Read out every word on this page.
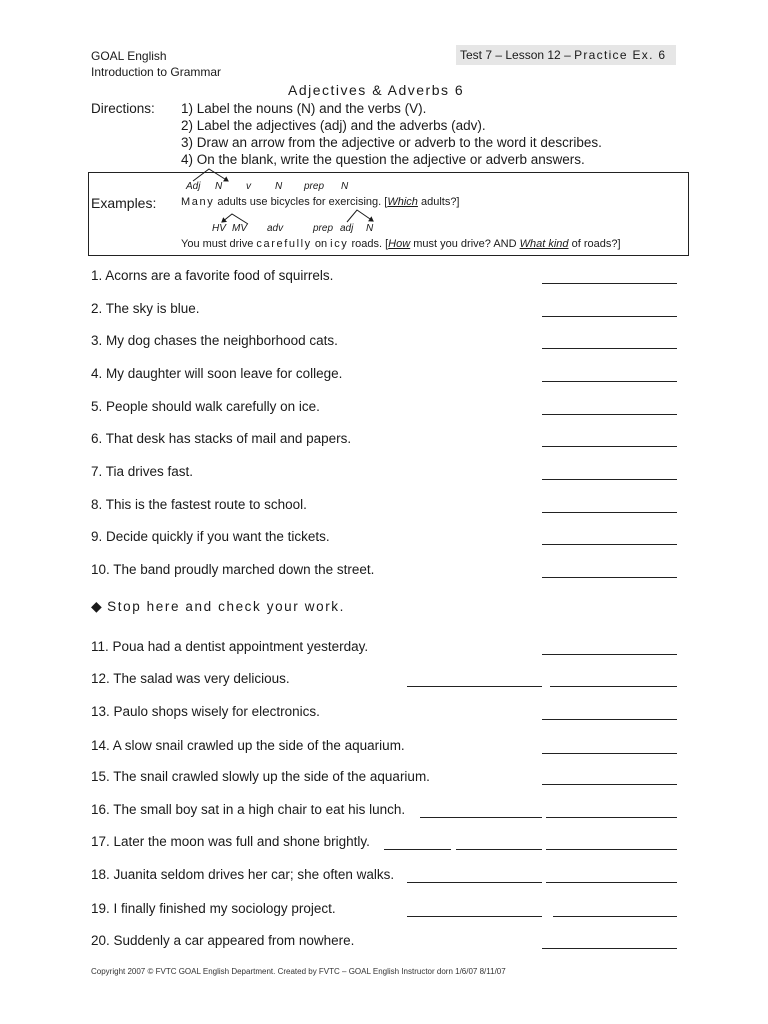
GOAL English
Introduction to Grammar
Test 7 – Lesson 12 – Practice Ex. 6
Adjectives & Adverbs 6
Directions: 1) Label the nouns (N) and the verbs (V).
2) Label the adjectives (adj) and the adverbs (adv).
3) Draw an arrow from the adjective or adverb to the word it describes.
4) On the blank, write the question the adjective or adverb answers.
Examples:
Adj N v N prep N
Many adults use bicycles for exercising. [Which adults?]
HV MV adv	prep adj N
You must drive carefully on icy roads. [How must you drive? AND What kind of roads?]
1. Acorns are a favorite food of squirrels.
2. The sky is blue.
3. My dog chases the neighborhood cats.
4. My daughter will soon leave for college.
5. People should walk carefully on ice.
6. That desk has stacks of mail and papers.
7. Tia drives fast.
8. This is the fastest route to school.
9. Decide quickly if you want the tickets.
10. The band proudly marched down the street.
◆ Stop here and check your work.
11. Poua had a dentist appointment yesterday.
12. The salad was very delicious.
13. Paulo shops wisely for electronics.
14. A slow snail crawled up the side of the aquarium.
15. The snail crawled slowly up the side of the aquarium.
16. The small boy sat in a high chair to eat his lunch.
17. Later the moon was full and shone brightly.
18. Juanita seldom drives her car; she often walks.
19. I finally finished my sociology project.
20. Suddenly a car appeared from nowhere.
Copyright 2007 © FVTC GOAL English Department. Created by FVTC – GOAL English Instructor dorn 1/6/07 8/11/07
